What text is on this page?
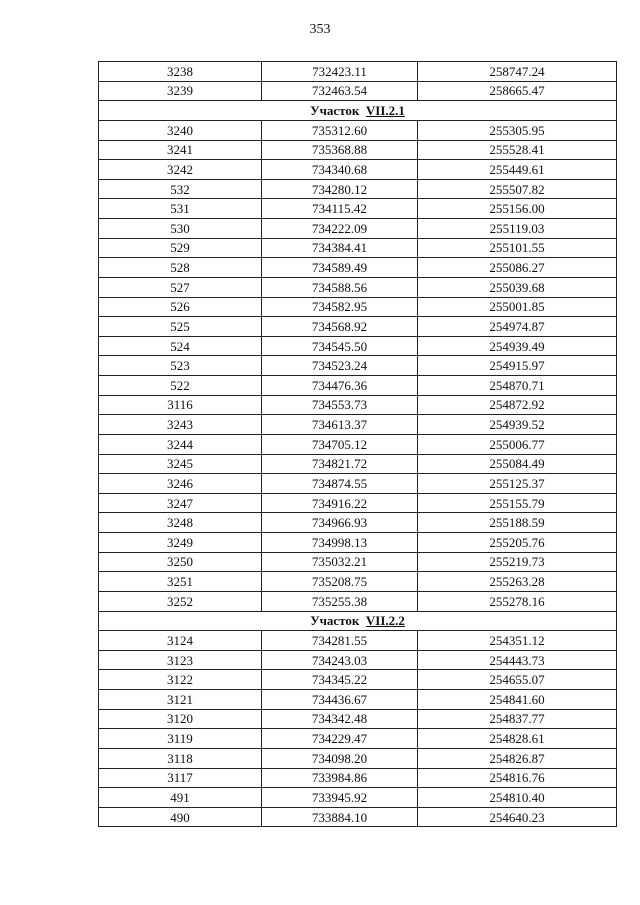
353
3238	732423.11	258747.24
3239	732463.54	258665.47
Участок VII.2.1		
3240	735312.60	255305.95
3241	735368.88	255528.41
3242	734340.68	255449.61
532	734280.12	255507.82
531	734115.42	255156.00
530	734222.09	255119.03
529	734384.41	255101.55
528	734589.49	255086.27
527	734588.56	255039.68
526	734582.95	255001.85
525	734568.92	254974.87
524	734545.50	254939.49
523	734523.24	254915.97
522	734476.36	254870.71
3116	734553.73	254872.92
3243	734613.37	254939.52
3244	734705.12	255006.77
3245	734821.72	255084.49
3246	734874.55	255125.37
3247	734916.22	255155.79
3248	734966.93	255188.59
3249	734998.13	255205.76
3250	735032.21	255219.73
3251	735208.75	255263.28
3252	735255.38	255278.16
Участок VII.2.2		
3124	734281.55	254351.12
3123	734243.03	254443.73
3122	734345.22	254655.07
3121	734436.67	254841.60
3120	734342.48	254837.77
3119	734229.47	254828.61
3118	734098.20	254826.87
3117	733984.86	254816.76
491	733945.92	254810.40
490	733884.10	254640.23
